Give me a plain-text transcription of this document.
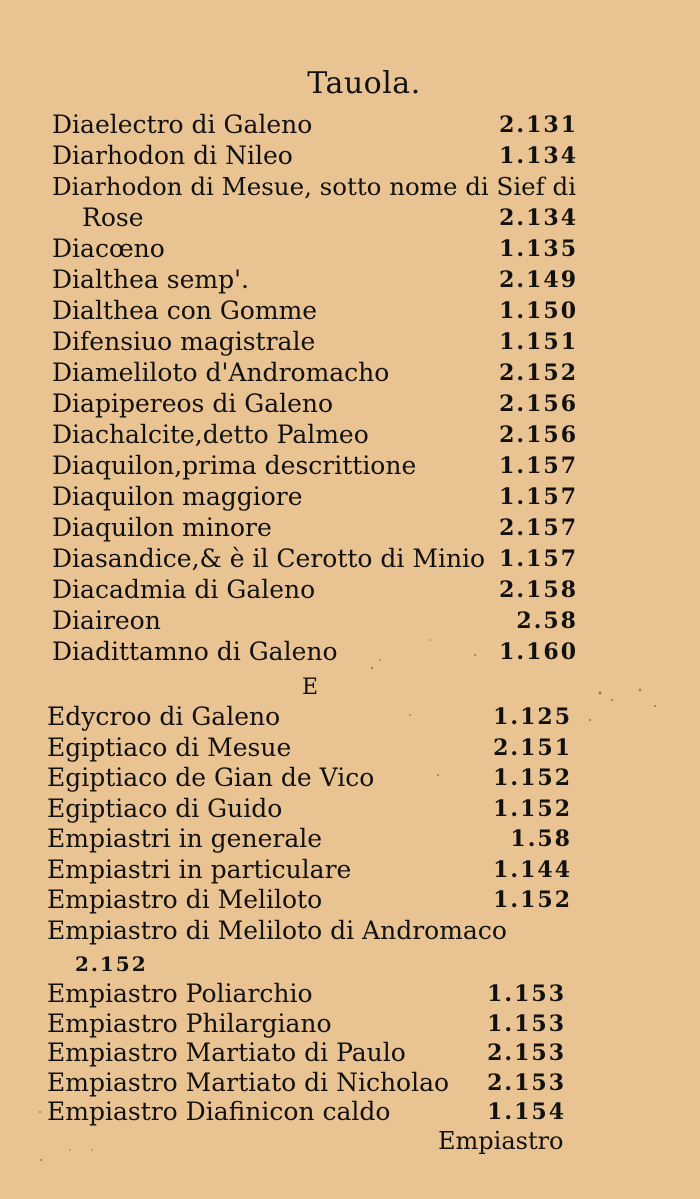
Tauola.
Diaelectro di Galeno	2.131
Diarhodon di Nileo	1.134
Diarhodon di Mesue, sotto nome di Sief di
Rose	2.134
Diacœno	1.135
Dialthea semp'.	2.149
Dialthea con Gomme	1.150
Difensiuo magistrale	1.151
Diameliloto d'Andromacho	2.152
Diapipereos di Galeno	2.156
Diachalcite,detto Palmeo	2.156
Diaquilon,prima descrittione	1.157
Diaquilon maggiore	1.157
Diaquilon minore	2.157
Diasandice,& è il Cerotto di Minio 1.157
Diacadmia di Galeno	2.158
Diaireon	2.58
Diadittamno di Galeno	1.160
E
Edycroo di Galeno	1.125
Egiptiaco di Mesue	2.151
Egiptiaco de Gian de Vico	1.152
Egiptiaco di Guido	1.152
Empiastri in generale	1.58
Empiastri in particulare	1.144
Empiastro di Meliloto	1.152
Empiastro di Meliloto di Andromaco
2.152
Empiastro Poliarchio	1.153
Empiastro Philargiano	1.153
Empiastro Martiato di Paulo	2.153
Empiastro Martiato di Nicholao 2.153
Empiastro Diafinicon caldo	1.154
Empiastro
